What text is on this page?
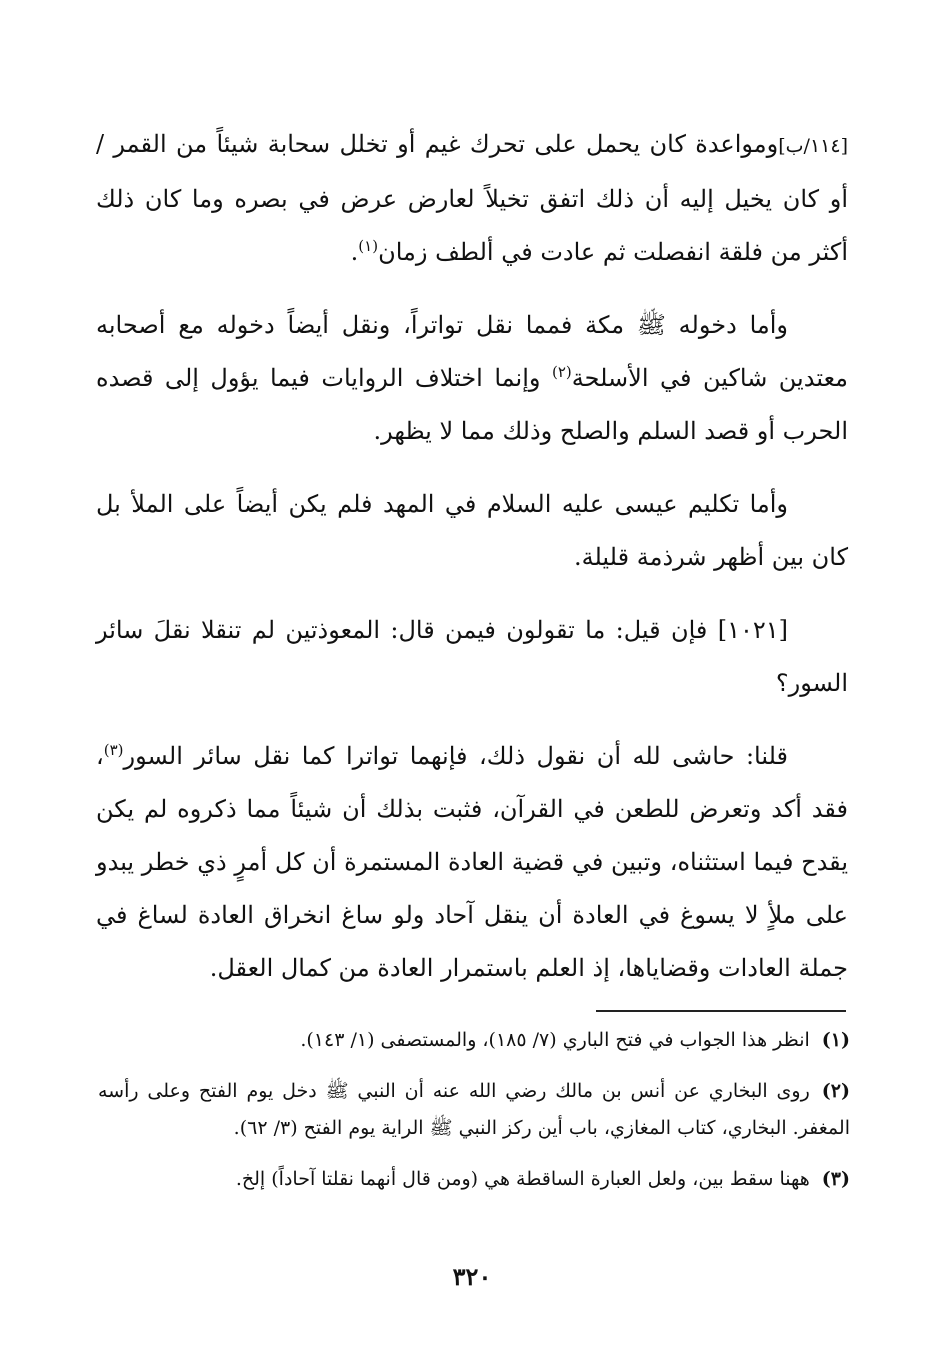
[١١٤/ب]ومواعدة كان يحمل على تحرك غيم أو تخلل سحابة شيئاً من القمر / أو كان يخيل إليه أن ذلك اتفق تخيلاً لعارض عرض في بصره وما كان ذلك أكثر من فلقة انفصلت ثم عادت في ألطف زمان$^{(١)}$.

وأما دخوله ﷺ مكة فمما نقل تواتراً، ونقل أيضاً دخوله مع أصحابه معتدين شاكين في الأسلحة$^{(٢)}$ وإنما اختلاف الروايات فيما يؤول إلى قصده الحرب أو قصد السلم والصلح وذلك مما لا يظهر.

وأما تكليم عيسى عليه السلام في المهد فلم يكن أيضاً على الملأ بل كان بين أظهر شرذمة قليلة.

[١٠٢١] فإن قيل: ما تقولون فيمن قال: المعوذتين لم تنقلا نقلَ سائر السور؟

قلنا: حاشى لله أن نقول ذلك، فإنهما تواترا كما نقل سائر السور$^{(٣)}$، فقد أكد وتعرض للطعن في القرآن، فثبت بذلك أن شيئاً مما ذكروه لم يكن يقدح فيما استثناه، وتبين في قضية العادة المستمرة أن كل أمرٍ ذي خطر يبدو على ملأٍ لا يسوغ في العادة أن ينقل آحاد ولو ساغ انخراق العادة لساغ في جملة العادات وقضاياها، إذ العلم باستمرار العادة من كمال العقل.

(١)انظر هذا الجواب في فتح الباري (٧/ ١٨٥)، والمستصفى (١/ ١٤٣).

(٢)روى البخاري عن أنس بن مالك رضي الله عنه أن النبي ﷺ دخل يوم الفتح وعلى رأسه المغفر. البخاري، كتاب المغازي، باب أين ركز النبي ﷺ الراية يوم الفتح (٣/ ٦٢).

(٣)ههنا سقط بين، ولعل العبارة الساقطة هي (ومن قال أنهما نقلتا آحاداً) إلخ.

٣٢٠
